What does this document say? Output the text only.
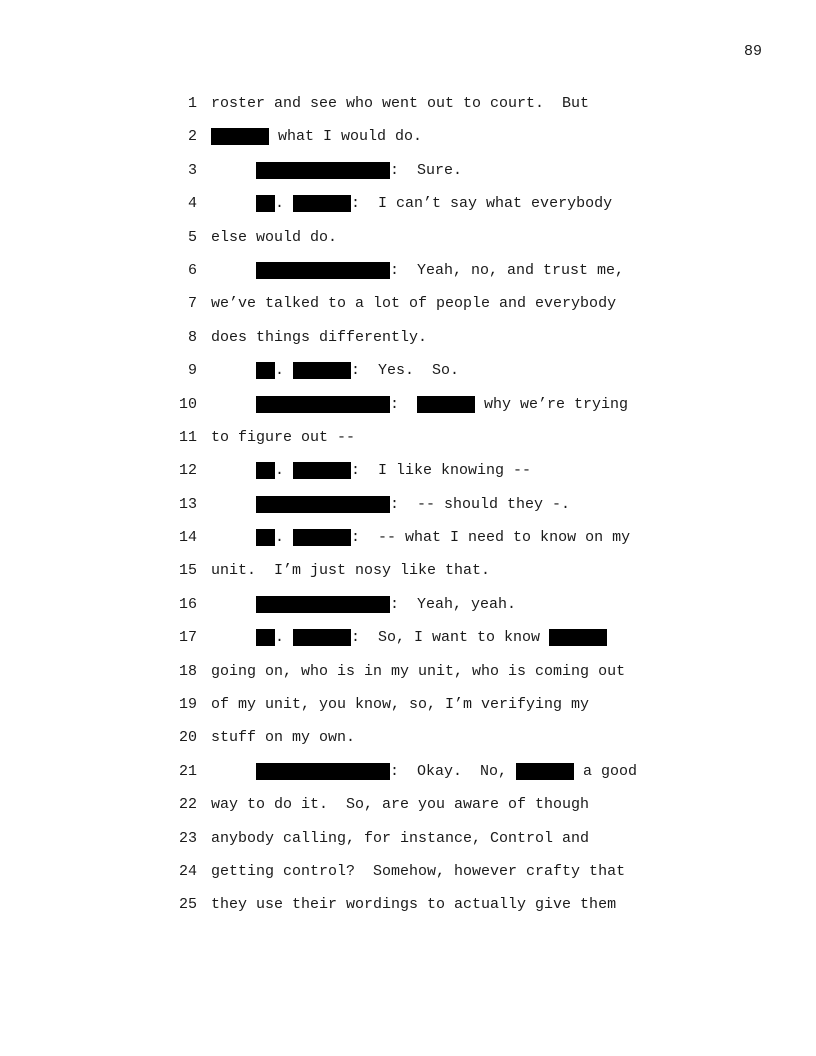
89
1 roster and see who went out to court.  But
2	what I would do.
3
	:  Sure.
4
	.	:  I can’t say what everybody
5 else would do.
6
	:  Yeah, no, and trust me,
7 we’ve talked to a lot of people and everybody
8 does things differently.
9
	.	:  Yes.  So.
10
	:	why we’re trying
11 to figure out --
12
	.	:  I like knowing --
13
	:  -- should they -.
14
	.	:  -- what I need to know on my
15 unit.  I’m just nosy like that.
16
	:  Yeah, yeah.
17
	.	:  So, I want to know
18 going on, who is in my unit, who is coming out
19 of my unit, you know, so, I’m verifying my
20 stuff on my own.
21
	:  Okay.  No,	a good
22 way to do it.  So, are you aware of though
23 anybody calling, for instance, Control and
24 getting control?  Somehow, however crafty that
25 they use their wordings to actually give them
